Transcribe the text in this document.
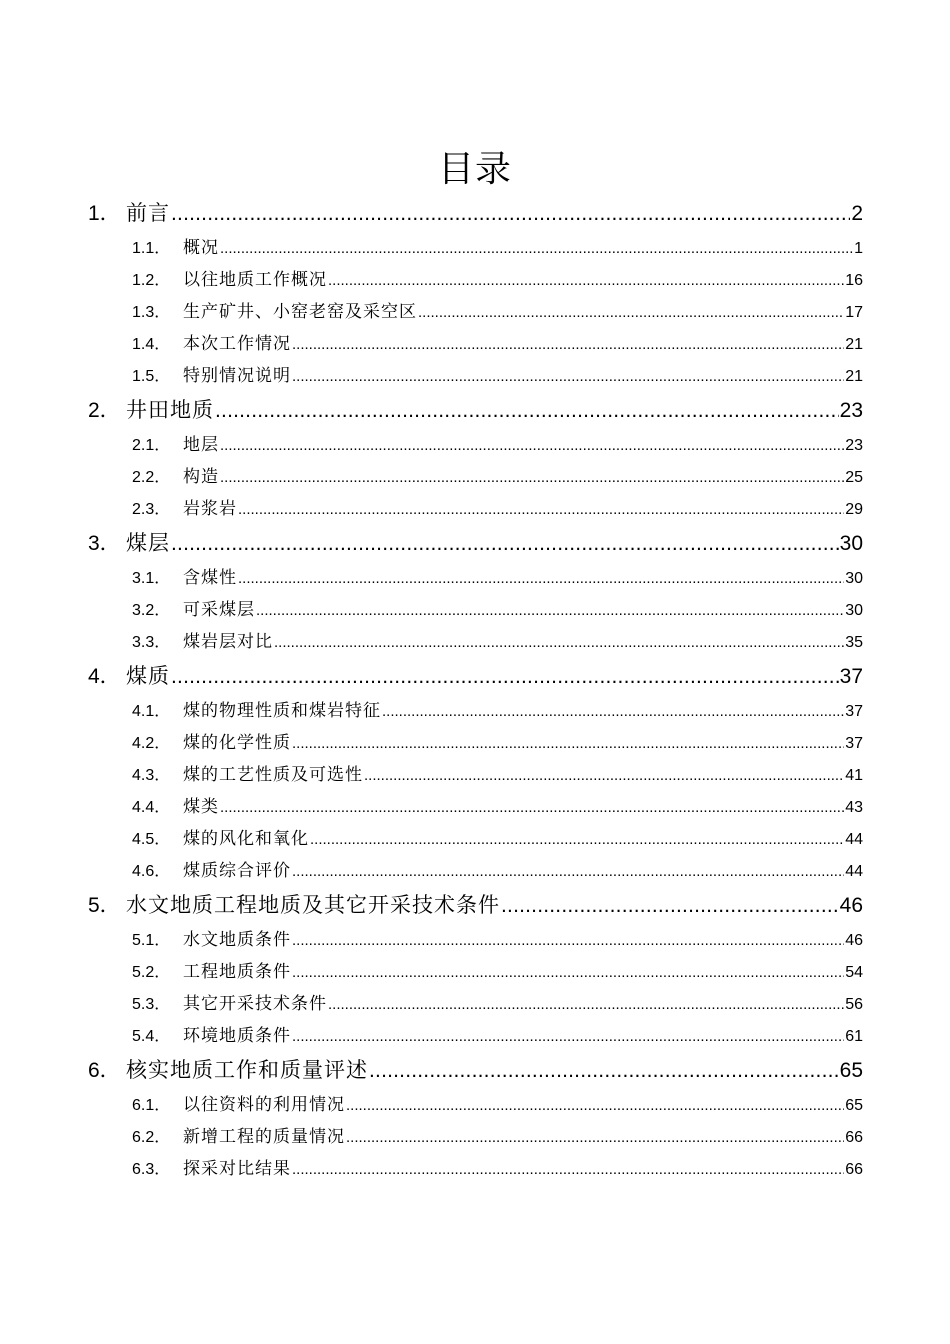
目录
1． 前言 .....	2
1.1． 概况 .....	1
1.2． 以往地质工作概况 .....	16
1.3． 生产矿井、小窑老窑及采空区 .....	17
1.4． 本次工作情况 .....	21
1.5． 特别情况说明 .....	21
2． 井田地质 .....	23
2.1． 地层 .....	23
2.2． 构造 .....	25
2.3． 岩浆岩 .....	29
3． 煤层 .....	30
3.1． 含煤性 .....	30
3.2． 可采煤层 .....	30
3.3． 煤岩层对比 .....	35
4． 煤质 .....	37
4.1． 煤的物理性质和煤岩特征 .....	37
4.2． 煤的化学性质 .....	37
4.3． 煤的工艺性质及可选性 .....	41
4.4． 煤类 .....	43
4.5． 煤的风化和氧化 .....	44
4.6． 煤质综合评价 .....	44
5． 水文地质工程地质及其它开采技术条件 .....	46
5.1． 水文地质条件 .....	46
5.2． 工程地质条件 .....	54
5.3． 其它开采技术条件 .....	56
5.4． 环境地质条件 .....	61
6． 核实地质工作和质量评述 .....	65
6.1． 以往资料的利用情况 .....	65
6.2． 新增工程的质量情况 .....	66
6.3． 探采对比结果 .....	66
